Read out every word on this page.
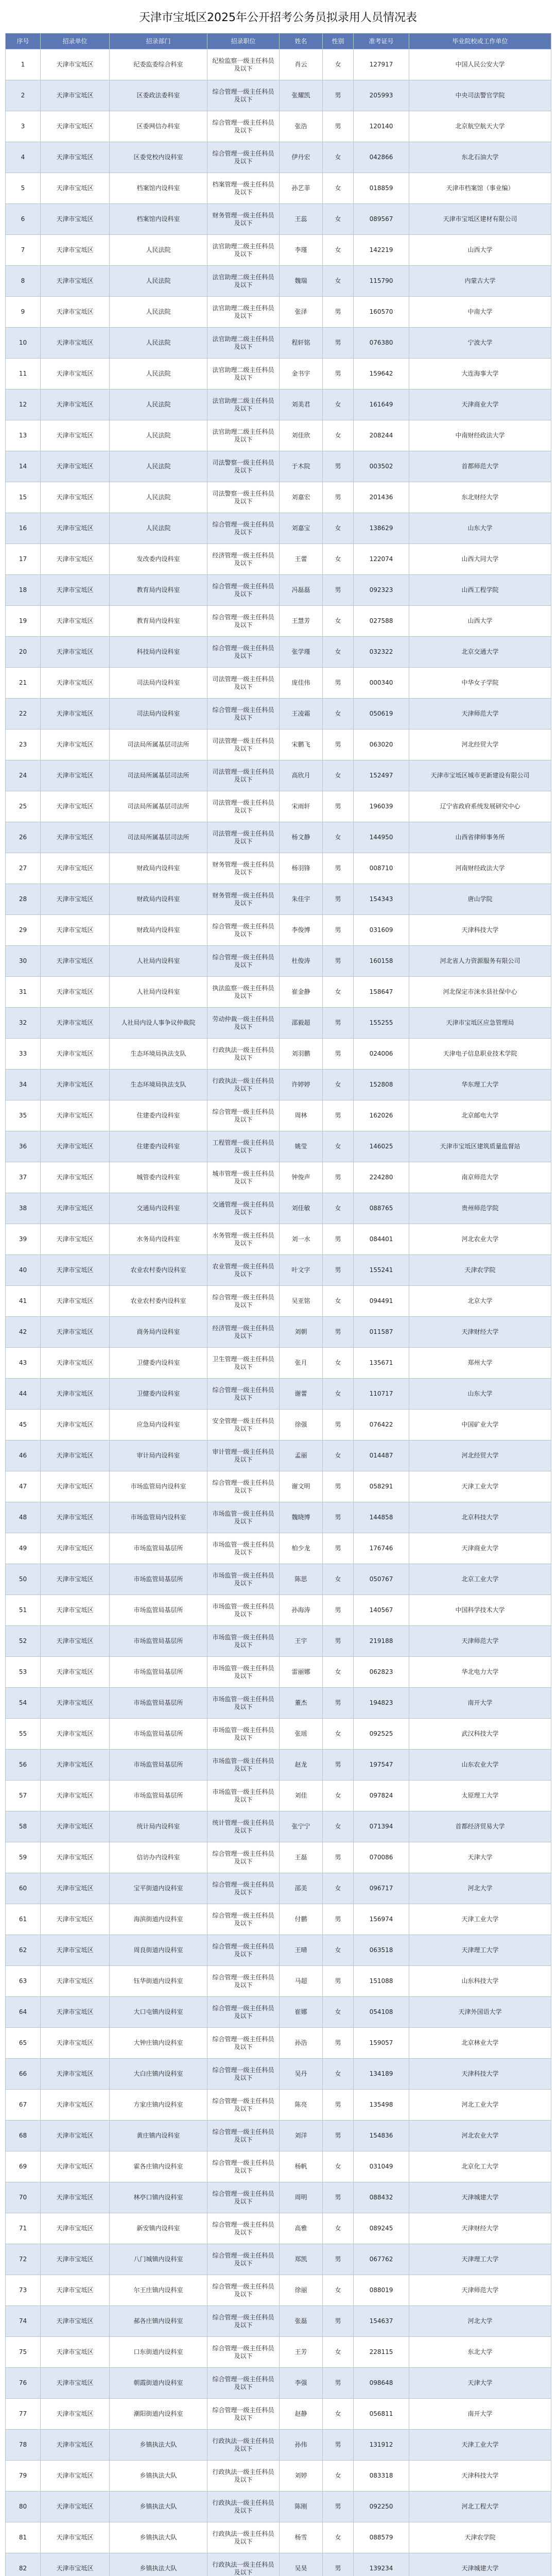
天津市宝坻区2025年公开招考公务员拟录用人员情况表
序号	招录单位	招录部门	招录职位	姓名	性别	准考证号	毕业院校或工作单位
1	天津市宝坻区	纪委监委综合科室	纪检监察一级主任科员及以下	肖云	女	127917	中国人民公安大学
2	天津市宝坻区	区委政法委科室	综合管理一级主任科员及以下	张耀凯	男	205993	中央司法警官学院
3	天津市宝坻区	区委网信办科室	综合管理一级主任科员及以下	张浩	男	120140	北京航空航天大学
4	天津市宝坻区	区委党校内设科室	综合管理一级主任科员及以下	伊丹宏	女	042866	东北石油大学
5	天津市宝坻区	档案馆内设科室	档案管理一级主任科员及以下	孙艺菲	女	018859	天津市档案馆（事业编）
6	天津市宝坻区	档案馆内设科室	财务管理一级主任科员及以下	王蕊	女	089567	天津市宝坻区建材有限公司
7	天津市宝坻区	人民法院	法官助理二级主任科员及以下	李瑾	女	142219	山西大学
8	天津市宝坻区	人民法院	法官助理二级主任科员及以下	魏瑞	女	115790	内蒙古大学
9	天津市宝坻区	人民法院	法官助理二级主任科员及以下	张泽	男	160570	中南大学
10	天津市宝坻区	人民法院	法官助理二级主任科员及以下	程轩铭	男	076380	宁波大学
11	天津市宝坻区	人民法院	法官助理二级主任科员及以下	金书宇	男	159642	大连海事大学
12	天津市宝坻区	人民法院	法官助理二级主任科员及以下	刘美君	女	161649	天津商业大学
13	天津市宝坻区	人民法院	法官助理二级主任科员及以下	刘佳欣	女	208244	中南财经政法大学
14	天津市宝坻区	人民法院	司法警察一级主任科员及以下	于木院	男	003502	首都师范大学
15	天津市宝坻区	人民法院	司法警察一级主任科员及以下	刘嘉宏	男	201436	东北财经大学
16	天津市宝坻区	人民法院	综合管理一级主任科员及以下	刘嘉宝	女	138629	山东大学
17	天津市宝坻区	发改委内设科室	经济管理一级主任科员及以下	王蕾	女	122074	山西大同大学
18	天津市宝坻区	教育局内设科室	综合管理一级主任科员及以下	冯磊磊	男	092323	山西工程学院
19	天津市宝坻区	教育局内设科室	综合管理一级主任科员及以下	王慧芳	女	027588	山西大学
20	天津市宝坻区	科技局内设科室	综合管理一级主任科员及以下	张学瑾	女	032322	北京交通大学
21	天津市宝坻区	司法局内设科室	司法管理一级主任科员及以下	庞佳伟	男	000340	中华女子学院
22	天津市宝坻区	司法局内设科室	综合管理一级主任科员及以下	王凌霜	女	050619	天津师范大学
23	天津市宝坻区	司法局所属基层司法所	司法管理一级主任科员及以下	宋鹏飞	男	063020	河北经贸大学
24	天津市宝坻区	司法局所属基层司法所	司法管理一级主任科员及以下	高欣月	女	152497	天津市宝坻区城市更新建设有限公司
25	天津市宝坻区	司法局所属基层司法所	司法管理一级主任科员及以下	宋雨轩	男	196039	辽宁省政府系统发展研究中心
26	天津市宝坻区	司法局所属基层司法所	司法管理一级主任科员及以下	杨文静	女	144950	山西省律师事务所
27	天津市宝坻区	财政局内设科室	财务管理一级主任科员及以下	杨羽锋	男	008710	河南财经政法大学
28	天津市宝坻区	财政局内设科室	财务管理一级主任科员及以下	朱佳宇	男	154343	唐山学院
29	天津市宝坻区	财政局内设科室	综合管理一级主任科员及以下	李俊博	男	031609	天津科技大学
30	天津市宝坻区	人社局内设科室	综合管理一级主任科员及以下	杜俊涛	男	160158	河北省人力资源服务有限公司
31	天津市宝坻区	人社局内设科室	执法监察一级主任科员及以下	崔金静	女	158647	河北保定市涞水县社保中心
32	天津市宝坻区	人社局内设人事争议仲裁院	劳动仲裁一级主任科员及以下	邵毅超	男	155255	天津市宝坻区应急管理局
33	天津市宝坻区	生态环境局执法支队	行政执法一级主任科员及以下	刘羽鹏	男	024006	天津电子信息职业技术学院
34	天津市宝坻区	生态环境局执法支队	行政执法一级主任科员及以下	许婷婷	女	152808	华东理工大学
35	天津市宝坻区	住建委内设科室	综合管理一级主任科员及以下	周林	男	162026	北京邮电大学
36	天津市宝坻区	住建委内设科室	工程管理一级主任科员及以下	姚莹	女	146025	天津市宝坻区建筑质量监督站
37	天津市宝坻区	城管委内设科室	城市管理一级主任科员及以下	钟俊声	男	224280	南京师范大学
38	天津市宝坻区	交通局内设科室	交通管理一级主任科员及以下	刘佳敏	女	088765	贵州师范学院
39	天津市宝坻区	水务局内设科室	水务管理一级主任科员及以下	刘一水	男	084401	河北农业大学
40	天津市宝坻区	农业农村委内设科室	农业管理一级主任科员及以下	叶文字	男	155241	天津农学院
41	天津市宝坻区	农业农村委内设科室	综合管理一级主任科员及以下	吴亚铭	女	094491	北京大学
42	天津市宝坻区	商务局内设科室	经济管理一级主任科员及以下	刘朝	男	011587	天津财经大学
43	天津市宝坻区	卫健委内设科室	卫生管理一级主任科员及以下	张月	女	135671	郑州大学
44	天津市宝坻区	卫健委内设科室	综合管理一级主任科员及以下	谢蕾	女	110717	山东大学
45	天津市宝坻区	应急局内设科室	安全管理一级主任科员及以下	徐强	男	076422	中国矿业大学
46	天津市宝坻区	审计局内设科室	审计管理一级主任科员及以下	孟丽	女	014487	河北经贸大学
47	天津市宝坻区	市场监管局内设科室	综合管理一级主任科员及以下	谢文明	男	058291	天津工业大学
48	天津市宝坻区	市场监管局内设科室	市场监管一级主任科员及以下	魏晓博	男	144858	北京科技大学
49	天津市宝坻区	市场监管局基层所	市场监管一级主任科员及以下	柏少龙	男	176746	天津商业大学
50	天津市宝坻区	市场监管局基层所	市场监管一级主任科员及以下	陈思	女	050767	北京工业大学
51	天津市宝坻区	市场监管局基层所	市场监管一级主任科员及以下	孙海涛	男	140567	中国科学技术大学
52	天津市宝坻区	市场监管局基层所	市场监管一级主任科员及以下	王宇	男	219188	天津师范大学
53	天津市宝坻区	市场监管局基层所	市场监管一级主任科员及以下	雷丽娜	女	062823	华北电力大学
54	天津市宝坻区	市场监管局基层所	市场监管一级主任科员及以下	董杰	男	194823	南开大学
55	天津市宝坻区	市场监管局基层所	市场监管一级主任科员及以下	张瑶	女	092525	武汉科技大学
56	天津市宝坻区	市场监管局基层所	市场监管一级主任科员及以下	赵龙	男	197547	山东农业大学
57	天津市宝坻区	市场监管局基层所	市场监管一级主任科员及以下	刘佳	女	097824	太原理工大学
58	天津市宝坻区	统计局内设科室	统计管理一级主任科员及以下	张宁宁	女	071394	首都经济贸易大学
59	天津市宝坻区	信访办内设科室	综合管理一级主任科员及以下	王磊	男	070086	天津大学
60	天津市宝坻区	宝平街道内设科室	综合管理一级主任科员及以下	邵美	女	096717	河北大学
61	天津市宝坻区	海滨街道内设科室	综合管理一级主任科员及以下	付鹏	男	156974	天津工业大学
62	天津市宝坻区	周良街道内设科室	综合管理一级主任科员及以下	王晴	女	063518	天津理工大学
63	天津市宝坻区	钰华街道内设科室	综合管理一级主任科员及以下	马超	男	151088	山东科技大学
64	天津市宝坻区	大口屯镇内设科室	综合管理一级主任科员及以下	崔娜	女	054108	天津外国语大学
65	天津市宝坻区	大钟庄镇内设科室	综合管理一级主任科员及以下	孙浩	男	159057	北京林业大学
66	天津市宝坻区	大白庄镇内设科室	综合管理一级主任科员及以下	吴丹	女	134189	天津科技大学
67	天津市宝坻区	方家庄镇内设科室	综合管理一级主任科员及以下	陈亮	男	135498	河北工业大学
68	天津市宝坻区	黄庄镇内设科室	综合管理一级主任科员及以下	刘洋	男	154836	河北农业大学
69	天津市宝坻区	霍各庄镇内设科室	综合管理一级主任科员及以下	杨帆	女	031049	北京化工大学
70	天津市宝坻区	林亭口镇内设科室	综合管理一级主任科员及以下	周明	男	088432	天津城建大学
71	天津市宝坻区	新安镇内设科室	综合管理一级主任科员及以下	高雅	女	089245	天津财经大学
72	天津市宝坻区	八门城镇内设科室	综合管理一级主任科员及以下	郑凯	男	067762	天津理工大学
73	天津市宝坻区	尔王庄镇内设科室	综合管理一级主任科员及以下	徐丽	女	088019	天津师范大学
74	天津市宝坻区	郝各庄镇内设科室	综合管理一级主任科员及以下	张磊	男	154637	河北大学
75	天津市宝坻区	口东街道内设科室	综合管理一级主任科员及以下	王芳	女	228115	东北大学
76	天津市宝坻区	朝霞街道内设科室	综合管理一级主任科员及以下	李强	男	098648	天津大学
77	天津市宝坻区	潮阳街道内设科室	综合管理一级主任科员及以下	赵静	女	056811	南开大学
78	天津市宝坻区	乡镇执法大队	行政执法一级主任科员及以下	孙伟	男	131912	天津工业大学
79	天津市宝坻区	乡镇执法大队	行政执法一级主任科员及以下	刘婷	女	083318	天津科技大学
80	天津市宝坻区	乡镇执法大队	行政执法一级主任科员及以下	陈刚	男	092250	河北工程大学
81	天津市宝坻区	乡镇执法大队	行政执法一级主任科员及以下	杨雪	女	088579	天津农学院
82	天津市宝坻区	乡镇执法大队	行政执法一级主任科员及以下	吴昊	男	139234	天津城建大学
